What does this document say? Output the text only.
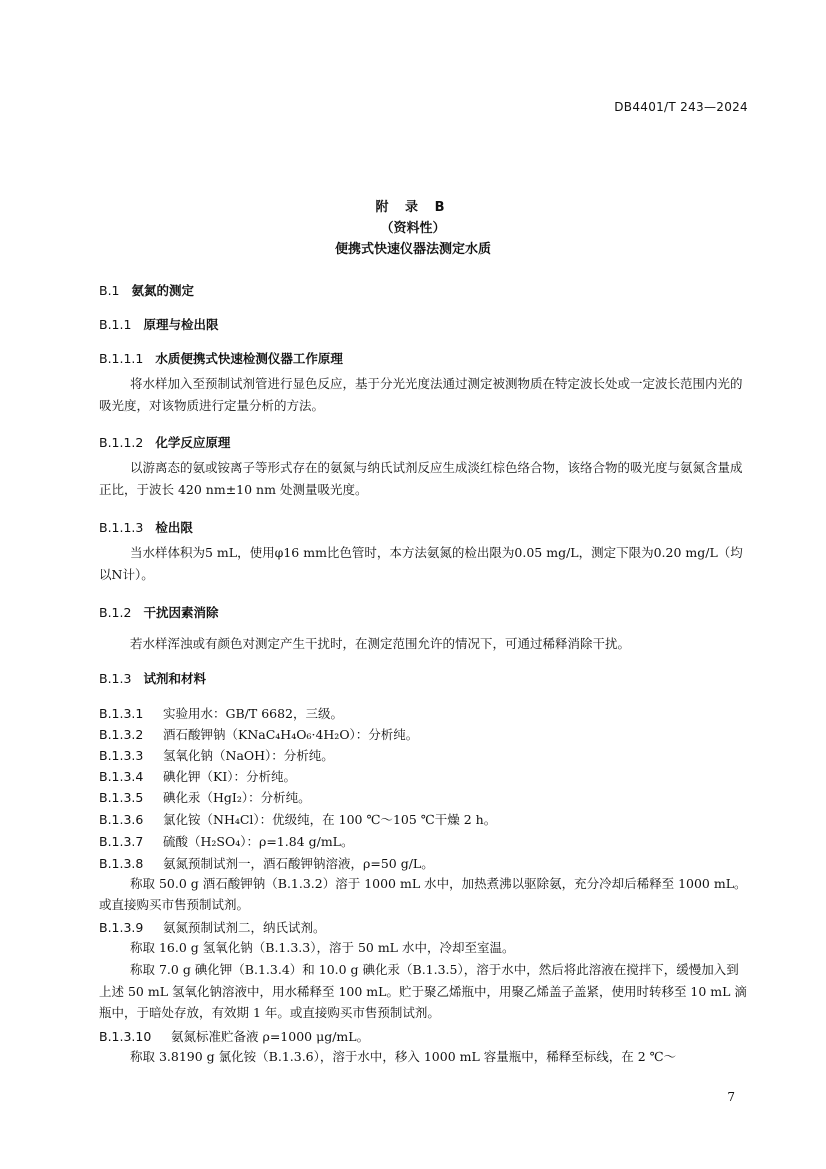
DB4401/T 243—2024
附 录 B
（资料性）
便携式快速仪器法测定水质
B.1 氨氮的测定
B.1.1 原理与检出限
B.1.1.1 水质便携式快速检测仪器工作原理
将水样加入至预制试剂管进行显色反应，基于分光光度法通过测定被测物质在特定波长处或一定波长范围内光的吸光度，对该物质进行定量分析的方法。
B.1.1.2 化学反应原理
以游离态的氨或铵离子等形式存在的氨氮与纳氏试剂反应生成淡红棕色络合物，该络合物的吸光度与氨氮含量成正比，于波长 420 nm±10 nm 处测量吸光度。
B.1.1.3 检出限
当水样体积为5 mL，使用φ16 mm比色管时，本方法氨氮的检出限为0.05 mg/L，测定下限为0.20 mg/L（均以N计）。
B.1.2 干扰因素消除
若水样浑浊或有颜色对测定产生干扰时，在测定范围允许的情况下，可通过稀释消除干扰。
B.1.3 试剂和材料
B.1.3.1 实验用水：GB/T 6682，三级。
B.1.3.2 酒石酸钾钠（KNaC₄H₄O₆·4H₂O）：分析纯。
B.1.3.3 氢氧化钠（NaOH）：分析纯。
B.1.3.4 碘化钾（KI）：分析纯。
B.1.3.5 碘化汞（HgI₂）：分析纯。
B.1.3.6 氯化铵（NH₄Cl）：优级纯，在 100 ℃～105 ℃干燥 2 h。
B.1.3.7 硫酸（H₂SO₄）：ρ=1.84 g/mL。
B.1.3.8 氨氮预制试剂一，酒石酸钾钠溶液，ρ=50 g/L。
称取 50.0 g 酒石酸钾钠（B.1.3.2）溶于 1000 mL 水中，加热煮沸以驱除氨，充分冷却后稀释至 1000 mL。或直接购买市售预制试剂。
B.1.3.9 氨氮预制试剂二，纳氏试剂。
称取 16.0 g 氢氧化钠（B.1.3.3），溶于 50 mL 水中，冷却至室温。
称取 7.0 g 碘化钾（B.1.3.4）和 10.0 g 碘化汞（B.1.3.5），溶于水中，然后将此溶液在搅拌下，缓慢加入到上述 50 mL 氢氧化钠溶液中，用水稀释至 100 mL。贮于聚乙烯瓶中，用聚乙烯盖子盖紧，使用时转移至 10 mL 滴瓶中，于暗处存放，有效期 1 年。或直接购买市售预制试剂。
B.1.3.10 氨氮标准贮备液 ρ=1000 μg/mL。
称取 3.8190 g 氯化铵（B.1.3.6），溶于水中，移入 1000 mL 容量瓶中，稀释至标线，在 2 ℃～
7
